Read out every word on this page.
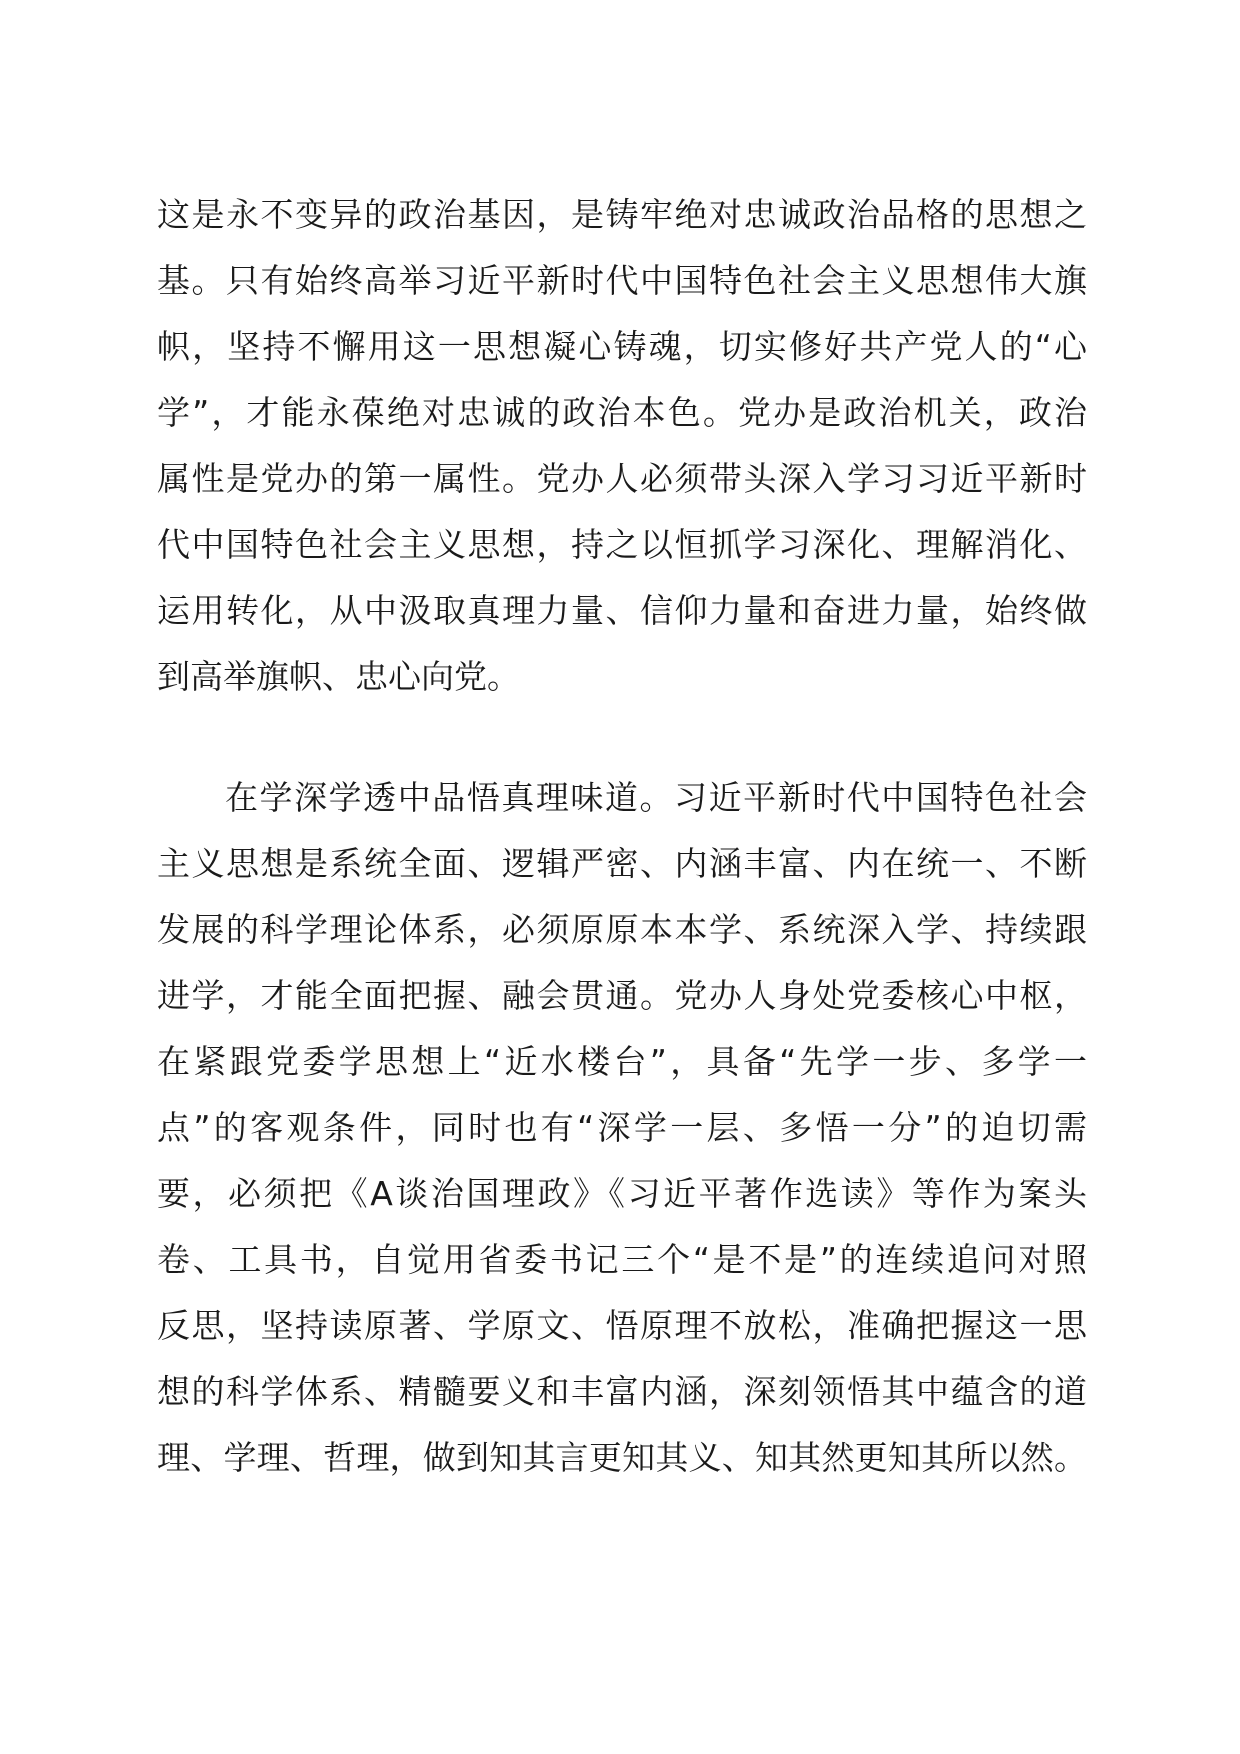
这是永不变异的政治基因，是铸牢绝对忠诚政治品格的思想之
基。只有始终高举习近平新时代中国特色社会主义思想伟大旗
帜，坚持不懈用这一思想凝心铸魂，切实修好共产党人的“心
学”，才能永葆绝对忠诚的政治本色。党办是政治机关，政治
属性是党办的第一属性。党办人必须带头深入学习习近平新时
代中国特色社会主义思想，持之以恒抓学习深化、理解消化、
运用转化，从中汲取真理力量、信仰力量和奋进力量，始终做
到高举旗帜、忠心向党。
在学深学透中品悟真理味道。习近平新时代中国特色社会
主义思想是系统全面、逻辑严密、内涵丰富、内在统一、不断
发展的科学理论体系，必须原原本本学、系统深入学、持续跟
进学，才能全面把握、融会贯通。党办人身处党委核心中枢，
在紧跟党委学思想上“近水楼台”，具备“先学一步、多学一
点”的客观条件，同时也有“深学一层、多悟一分”的迫切需
要，必须把《A谈治国理政》《习近平著作选读》等作为案头
卷、工具书，自觉用省委书记三个“是不是”的连续追问对照
反思，坚持读原著、学原文、悟原理不放松，准确把握这一思
想的科学体系、精髓要义和丰富内涵，深刻领悟其中蕴含的道
理、学理、哲理，做到知其言更知其义、知其然更知其所以然。
